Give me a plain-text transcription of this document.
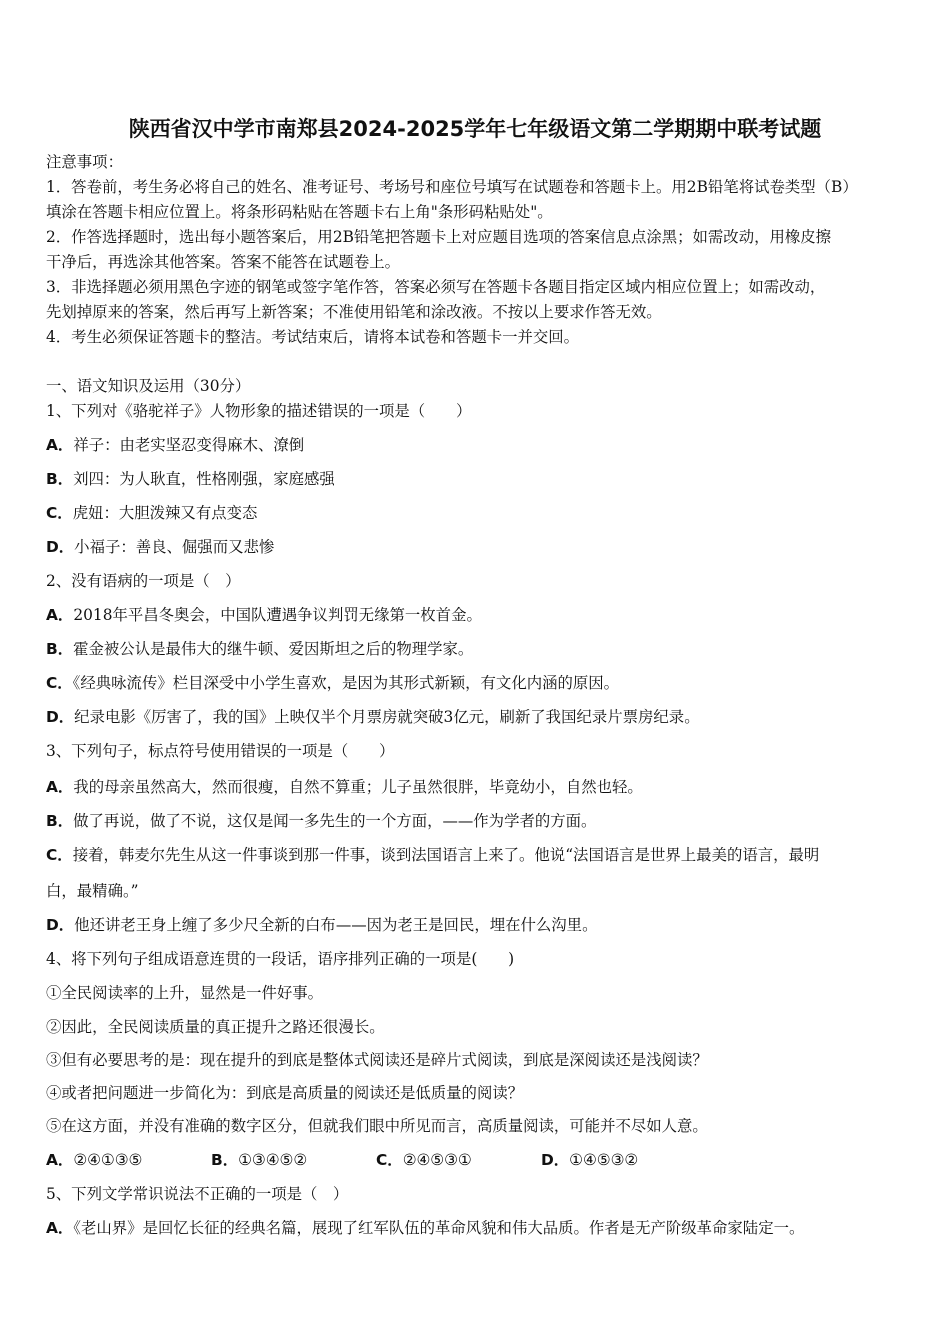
陕西省汉中学市南郑县2024-2025学年七年级语文第二学期期中联考试题
注意事项：
1．答卷前，考生务必将自己的姓名、准考证号、考场号和座位号填写在试题卷和答题卡上。用2B铅笔将试卷类型（B）
填涂在答题卡相应位置上。将条形码粘贴在答题卡右上角"条形码粘贴处"。
2．作答选择题时，选出每小题答案后，用2B铅笔把答题卡上对应题目选项的答案信息点涂黑；如需改动，用橡皮擦
干净后，再选涂其他答案。答案不能答在试题卷上。
3．非选择题必须用黑色字迹的钢笔或签字笔作答，答案必须写在答题卡各题目指定区域内相应位置上；如需改动，
先划掉原来的答案，然后再写上新答案；不准使用铅笔和涂改液。不按以上要求作答无效。
4．考生必须保证答题卡的整洁。考试结束后，请将本试卷和答题卡一并交回。
一、语文知识及运用（30分）
1、下列对《骆驼祥子》人物形象的描述错误的一项是（　　）
A．祥子：由老实坚忍变得麻木、潦倒
B．刘四：为人耿直，性格刚强，家庭感强
C．虎妞：大胆泼辣又有点变态
D．小福子：善良、倔强而又悲惨
2、没有语病的一项是（　）
A．2018年平昌冬奥会，中国队遭遇争议判罚无缘第一枚首金。
B．霍金被公认是最伟大的继牛顿、爱因斯坦之后的物理学家。
C．《经典咏流传》栏目深受中小学生喜欢，是因为其形式新颖，有文化内涵的原因。
D．纪录电影《厉害了，我的国》上映仅半个月票房就突破3亿元，刷新了我国纪录片票房纪录。
3、下列句子，标点符号使用错误的一项是（　　）
A．我的母亲虽然高大，然而很瘦，自然不算重；儿子虽然很胖，毕竟幼小，自然也轻。
B．做了再说，做了不说，这仅是闻一多先生的一个方面，——作为学者的方面。
C．接着，韩麦尔先生从这一件事谈到那一件事，谈到法国语言上来了。他说“法国语言是世界上最美的语言，最明
白，最精确。”
D．他还讲老王身上缠了多少尺全新的白布——因为老王是回民，埋在什么沟里。
4、将下列句子组成语意连贯的一段话，语序排列正确的一项是(　　)
①全民阅读率的上升，显然是一件好事。
②因此，全民阅读质量的真正提升之路还很漫长。
③但有必要思考的是：现在提升的到底是整体式阅读还是碎片式阅读，到底是深阅读还是浅阅读？
④或者把问题进一步简化为：到底是高质量的阅读还是低质量的阅读？
⑤在这方面，并没有准确的数字区分，但就我们眼中所见而言，高质量阅读，可能并不尽如人意。
A．②④①③⑤	B．①③④⑤②	C．②④⑤③①	D．①④⑤③②
5、下列文学常识说法不正确的一项是（　）
A．《老山界》是回忆长征的经典名篇，展现了红军队伍的革命风貌和伟大品质。作者是无产阶级革命家陆定一。
